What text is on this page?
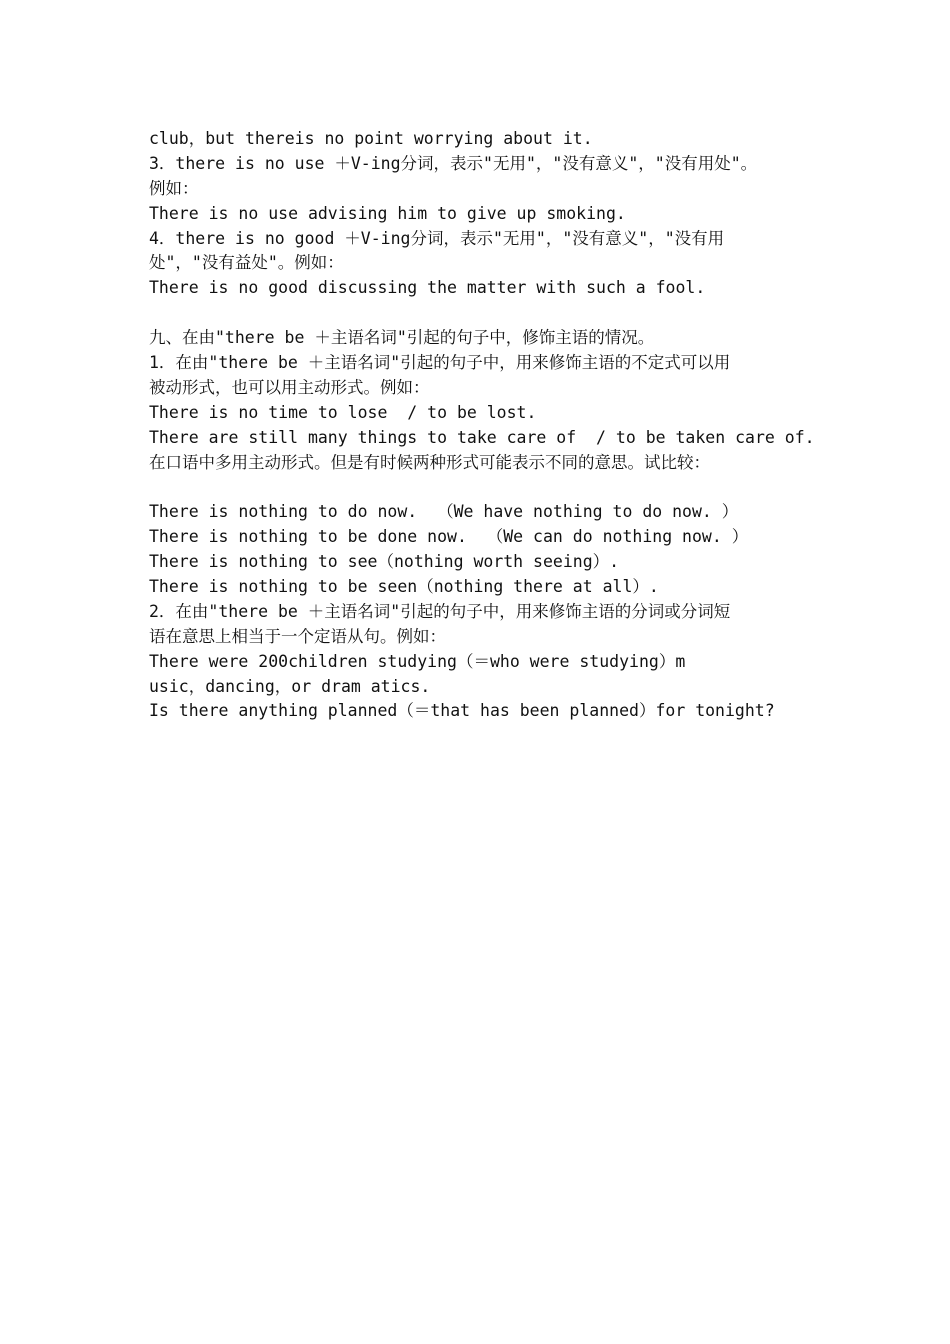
club，but thereis no point worrying about it.
3．there is no use ＋V-ing分词，表示"无用"，"没有意义"，"没有用处"。
例如：
There is no use advising him to give up smoking.
4．there is no good ＋V-ing分词，表示"无用"，"没有意义"，"没有用
处"，"没有益处"。例如：
There is no good discussing the matter with such a fool.
九、在由"there be ＋主语名词"引起的句子中，修饰主语的情况。
1．在由"there be ＋主语名词"引起的句子中，用来修饰主语的不定式可以用
被动形式，也可以用主动形式。例如：
There is no time to lose  / to be lost.
There are still many things to take care of  / to be taken care of.
在口语中多用主动形式。但是有时候两种形式可能表示不同的意思。试比较：
There is nothing to do now.  （We have nothing to do now. ）
There is nothing to be done now.  （We can do nothing now. ）
There is nothing to see（nothing worth seeing）.
There is nothing to be seen（nothing there at all）.
2．在由"there be ＋主语名词"引起的句子中，用来修饰主语的分词或分词短
语在意思上相当于一个定语从句。例如：
There were 200children studying（＝who were studying）m
usic，dancing，or dram atics.
Is there anything planned（＝that has been planned）for tonight?
